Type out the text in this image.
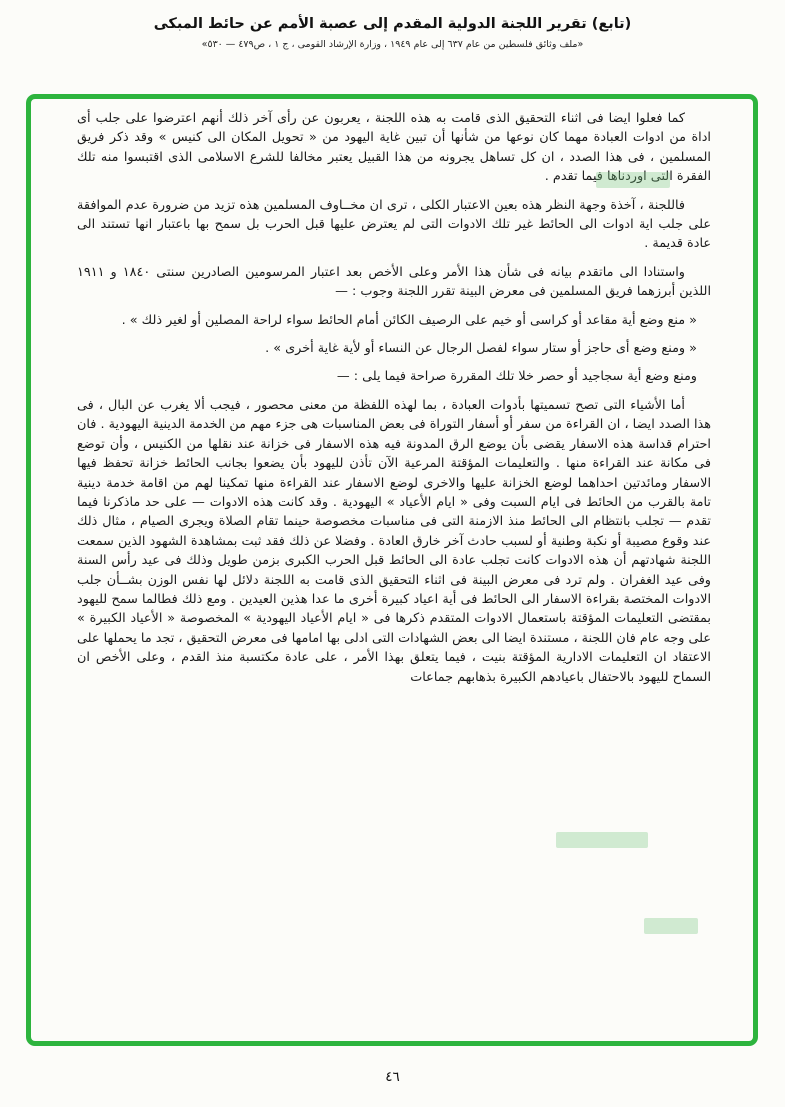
(تابع) تقرير اللجنة الدولية المقدم إلى عصبة الأمم عن حائط المبكى
«ملف وثائق فلسطين من عام ٦٣٧ إلى عام ١٩٤٩ ، وزارة الإرشاد القومى ، ج ١ ، ص٤٧٩ — ٥٣٠»

كما فعلوا ايضا فى اثناء التحقيق الذى قامت به هذه اللجنة ، يعربون عن رأى آخر ذلك أنهم اعترضوا على جلب أى اداة من ادوات العبادة مهما كان نوعها من شأنها أن تبين غاية اليهود من « تحويل المكان الى كنيس » وقد ذكر فريق المسلمين ، فى هذا الصدد ، ان كل تساهل يجرونه من هذا القبيل يعتبر مخالفا للشرع الاسلامى الذى اقتبسوا منه تلك الفقرة التى اوردناها فيما تقدم .

فاللجنة ، آخذة وجهة النظر هذه بعين الاعتبار الكلى ، ترى ان مخــاوف المسلمين هذه تزيد من ضرورة عدم الموافقة على جلب اية ادوات الى الحائط غير تلك الادوات التى لم يعترض عليها قبل الحرب بل سمح بها باعتبار انها تستند الى عادة قديمة .

واستنادا الى ماتقدم بيانه فى شأن هذا الأمر وعلى الأخص بعد اعتبار المرسومين الصادرين سنتى ١٨٤٠ و ١٩١١ اللذين أبرزهما فريق المسلمين فى معرض البينة تقرر اللجنة وجوب : —

« منع وضع أية مقاعد أو كراسى أو خيم على الرصيف الكائن أمام الحائط سواء لراحة المصلين أو لغير ذلك » .

« ومنع وضع أى حاجز أو ستار سواء لفصل الرجال عن النساء أو لأية غاية أخرى » .

ومنع وضع أية سجاجيد أو حصر خلا تلك المقررة صراحة فيما يلى : —

أما الأشياء التى تصح تسميتها بأدوات العبادة ، بما لهذه اللفظة من معنى محصور ، فيجب ألا يغرب عن البال ، فى هذا الصدد ايضا ، ان القراءة من سفر أو أسفار التوراة فى بعض المناسبات هى جزء مهم من الخدمة الدينية اليهودية . فان احترام قداسة هذه الاسفار يقضى بأن يوضع الرق المدونة فيه هذه الاسفار فى خزانة عند نقلها من الكنيس ، وأن توضع فى مكانة عند القراءة منها . والتعليمات المؤقتة المرعية الآن تأذن لليهود بأن يضعوا بجانب الحائط خزانة تحفظ فيها الاسفار ومائدتين احداهما لوضع الخزانة عليها والاخرى لوضع الاسفار عند القراءة منها تمكينا لهم من اقامة خدمة دينية تامة بالقرب من الحائط فى ايام السبت وفى « ايام الأعياد » اليهودية . وقد كانت هذه الادوات — على حد ماذكرنا فيما تقدم — تجلب بانتظام الى الحائط منذ الازمنة التى فى مناسبات مخصوصة حينما تقام الصلاة ويجرى الصيام ، مثال ذلك عند وقوع مصيبة أو نكبة وطنية أو لسبب حادث آخر خارق العادة . وفضلا عن ذلك فقد ثبت بمشاهدة الشهود الذين سمعت اللجنة شهادتهم أن هذه الادوات كانت تجلب عادة الى الحائط قبل الحرب الكبرى بزمن طويل وذلك فى عيد رأس السنة وفى عيد الغفران . ولم ترد فى معرض البينة فى اثناء التحقيق الذى قامت به اللجنة دلائل لها نفس الوزن بشــأن جلب الادوات المختصة بقراءة الاسفار الى الحائط فى أية اعياد كبيرة أخرى ما عدا هذين العيدين . ومع ذلك فطالما سمح لليهود بمقتضى التعليمات المؤقتة باستعمال الادوات المتقدم ذكرها فى « ايام الأعياد اليهودية » المخصوصة « الأعياد الكبيرة » على وجه عام فان اللجنة ، مستندة ايضا الى بعض الشهادات التى ادلى بها امامها فى معرض التحقيق ، تجد ما يحملها على الاعتقاد ان التعليمات الادارية المؤقتة بنيت ، فيما يتعلق بهذا الأمر ، على عادة مكتسبة منذ القدم ، وعلى الأخص ان السماح لليهود بالاحتفال باعيادهم الكبيرة بذهابهم جماعات

٤٦
